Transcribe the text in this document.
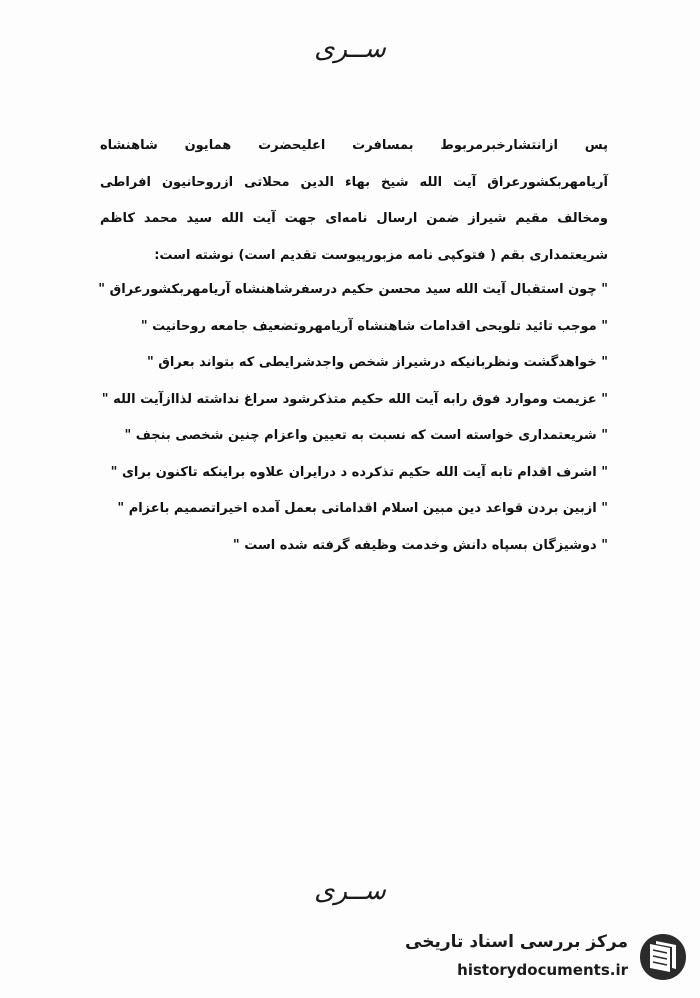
ســری
پس ازانتشارخبرمربوط بمسافرت اعلیحضرت همایون شاهنشاه آریامهربکشورعراق آیت الله شیخ بهاء الدین محلاتی ازروحانیون افراطی ومخالف مقیم شیراز ضمن ارسال نامه‌ای جهت آیت الله سید محمد کاظم شریعتمداری بقم ( فتوکپی نامه مزبورپیوست تقدیم است) نوشته است:
" چون استقبال آیت الله سید محسن حکیم درسفرشاهنشاه آریامهربکشورعراق "
" موجب تائید تلویحی اقدامات شاهنشاه آریامهروتضعیف جامعه روحانیت "
" خواهدگشت ونظربانیکه درشیراز شخص واجدشرایطی که بتواند بعراق "
" عزیمت وموارد فوق رابه آیت الله حکیم متذکرشود سراغ نداشته لذاازآیت الله "
" شریعتمداری خواسته است که نسبت به تعیین واعزام چنین شخصی بنجف "
" اشرف اقدام تابه آیت الله حکیم تذکرده د درایران علاوه براینکه تاکنون برای "
" ازبین بردن قواعد دین مبین اسلام اقداماتی بعمل آمده اخیراتصمیم باعزام "
" دوشیزگان بسپاه دانش وخدمت وظیفه گرفته شده است "
ســری
مرکز بررسی اسناد تاریخی
historydocuments.ir
